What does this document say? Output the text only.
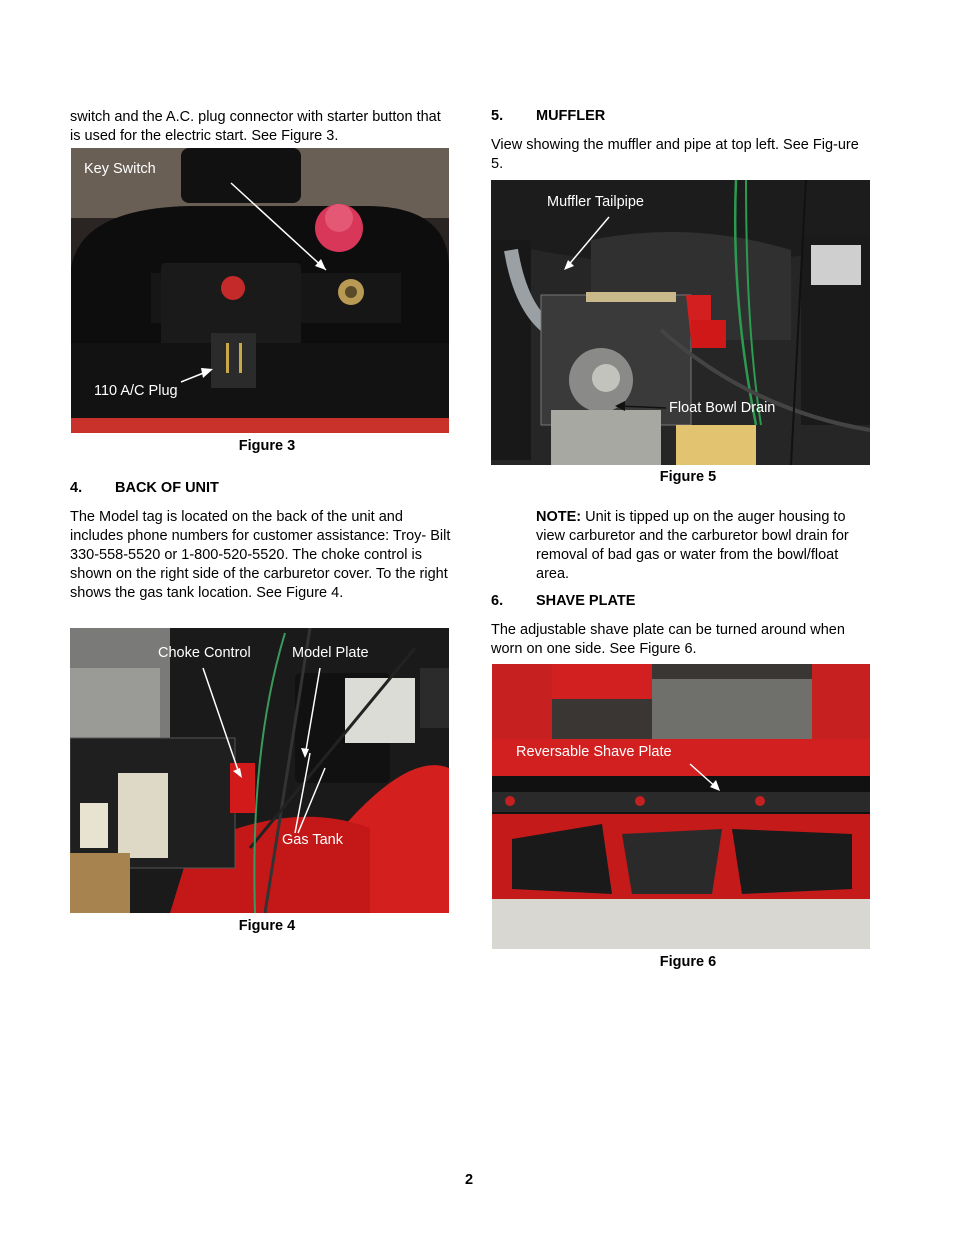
switch and the A.C. plug connector with starter button that is used for the electric start. See Figure 3.

Key Switch
110 A/C Plug
Figure 3
4. BACK OF UNIT

The Model tag is located on the back of the unit and includes phone numbers for customer assistance: Troy- Bilt 330-558-5520 or 1-800-520-5520. The choke control is shown on the right side of the carburetor cover. To the right shows the gas tank location. See Figure 4.

Choke Control	Model Plate
Gas Tank
Figure 4
5. MUFFLER

View showing the muffler and pipe at top left. See Fig-ure 5.

Muffler Tailpipe
Float Bowl Drain
Figure 5

NOTE: Unit is tipped up on the auger housing to view carburetor and the carburetor bowl drain for removal of bad gas or water from the bowl/float area.

6. SHAVE PLATE

The adjustable shave plate can be turned around when worn on one side. See Figure 6.

Reversable Shave Plate
Figure 6
2
